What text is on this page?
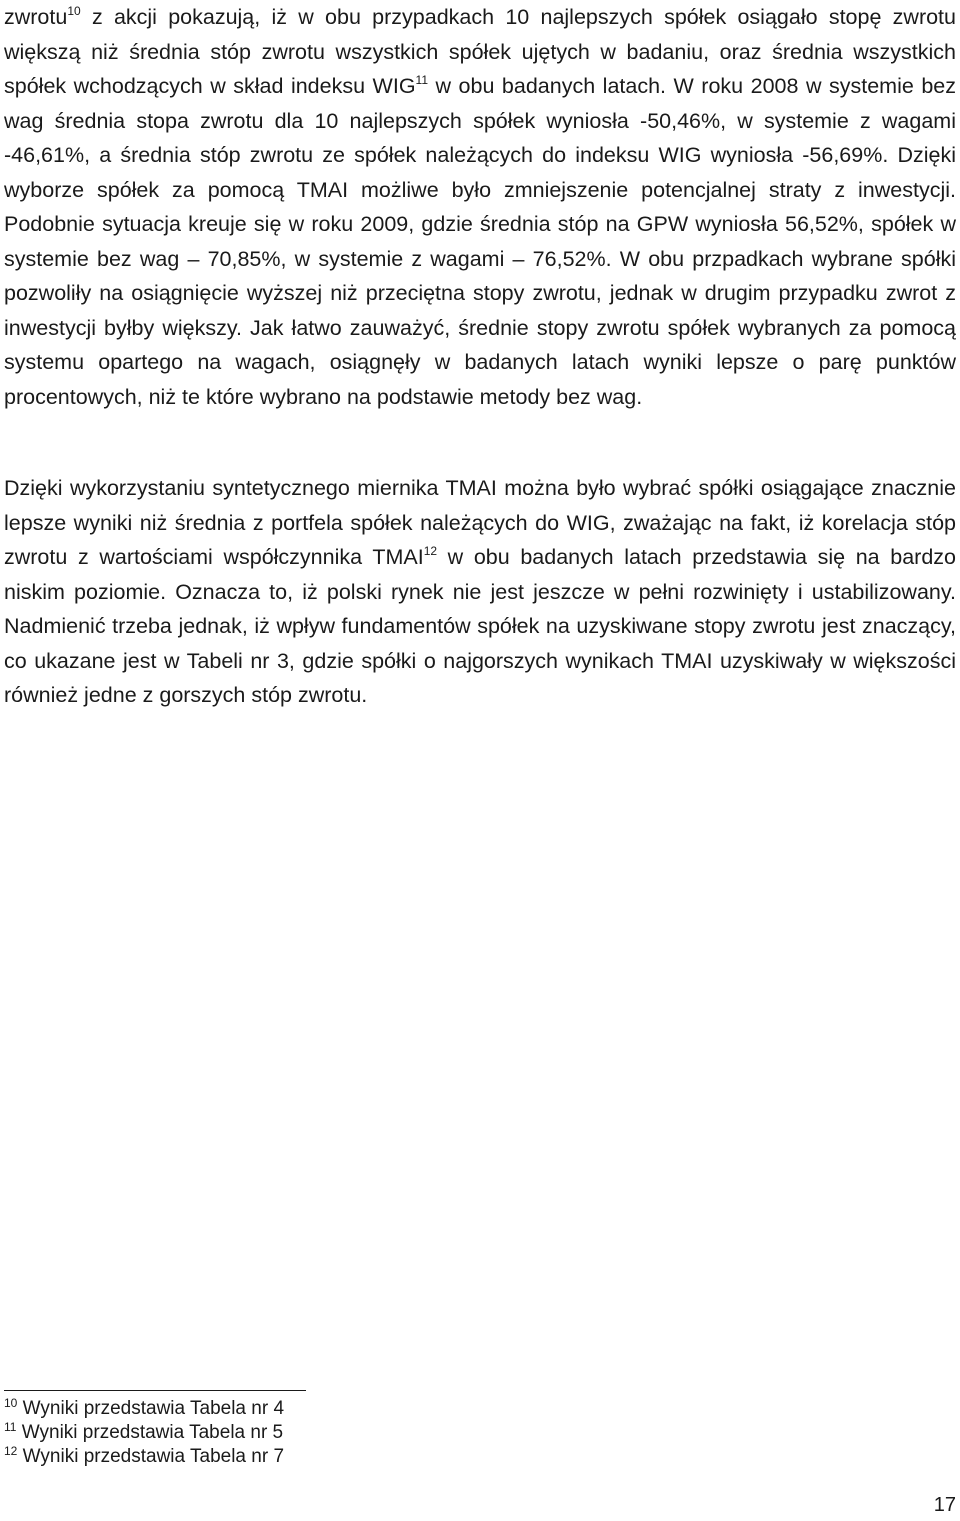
zwrotu$^{10}$ z akcji pokazują, iż w obu przypadkach 10 najlepszych spółek osiągało stopę zwrotu większą niż średnia stóp zwrotu wszystkich spółek ujętych w badaniu, oraz średnia wszystkich spółek wchodzących w skład indeksu WIG$^{11}$ w obu badanych latach. W roku 2008 w systemie bez wag średnia stopa zwrotu dla 10 najlepszych spółek wyniosła -50,46%, w systemie z wagami -46,61%, a średnia stóp zwrotu ze spółek należących do indeksu WIG wyniosła -56,69%. Dzięki wyborze spółek za pomocą TMAI możliwe było zmniejszenie potencjalnej straty z inwestycji. Podobnie sytuacja kreuje się w roku 2009, gdzie średnia stóp na GPW wyniosła 56,52%, spółek w systemie bez wag – 70,85%, w systemie z wagami – 76,52%. W obu przpadkach wybrane spółki pozwoliły na osiągnięcie wyższej niż przeciętna stopy zwrotu, jednak w drugim przypadku zwrot z inwestycji byłby większy. Jak łatwo zauważyć, średnie stopy zwrotu spółek wybranych za pomocą systemu opartego na wagach, osiągnęły w badanych latach wyniki lepsze o parę punktów procentowych, niż te które wybrano na podstawie metody bez wag.

Dzięki wykorzystaniu syntetycznego miernika TMAI można było wybrać spółki osiągające znacznie lepsze wyniki niż średnia z portfela spółek należących do WIG, zważając na fakt, iż korelacja stóp zwrotu z wartościami współczynnika TMAI$^{12}$ w obu badanych latach przedstawia się na bardzo niskim poziomie. Oznacza to, iż polski rynek nie jest jeszcze w pełni rozwinięty i ustabilizowany. Nadmienić trzeba jednak, iż wpływ fundamentów spółek na uzyskiwane stopy zwrotu jest znaczący, co ukazane jest w Tabeli nr 3, gdzie spółki o najgorszych wynikach TMAI uzyskiwały w większości również jedne z gorszych stóp zwrotu.

$^{10}$ Wyniki przedstawia Tabela nr 4

$^{11}$ Wyniki przedstawia Tabela nr 5

$^{12}$ Wyniki przedstawia Tabela nr 7

17
